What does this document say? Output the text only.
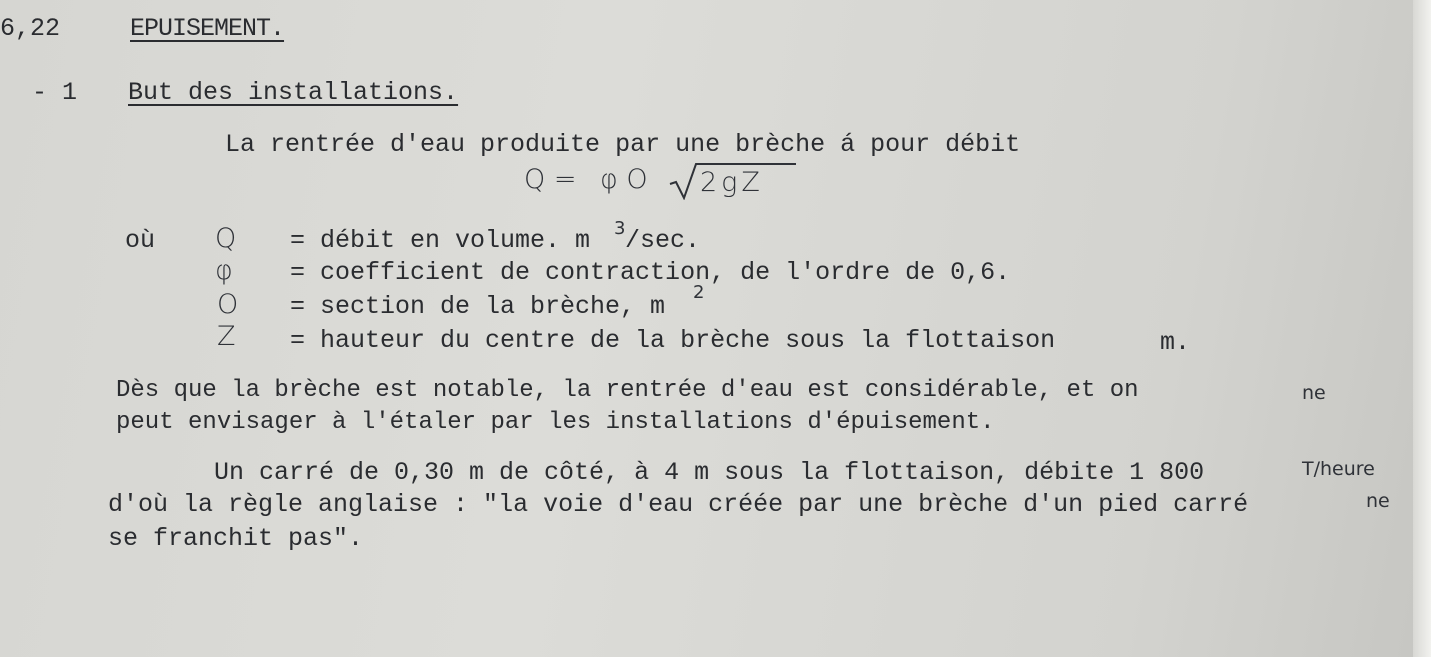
6,22	EPUISEMENT.
- 1 But des installations.
La rentrée d'eau produite par une brèche á pour débit
Q = φ O 2gZ
où Q = débit en volume. m 3 /sec.
φ = coefficient de contraction, de l'ordre de 0,6.
O = section de la brèche, m 2
Z = hauteur du centre de la brèche sous la flottaison	m.
Dès que la brèche est notable, la rentrée d'eau est considérable, et on	ne
peut envisager à l'étaler par les installations d'épuisement.
Un carré de 0,30 m de côté, à 4 m sous la flottaison, débite 1 800	T/heure
d'où la règle anglaise : "la voie d'eau créée par une brèche d'un pied carré	ne
se franchit pas".
